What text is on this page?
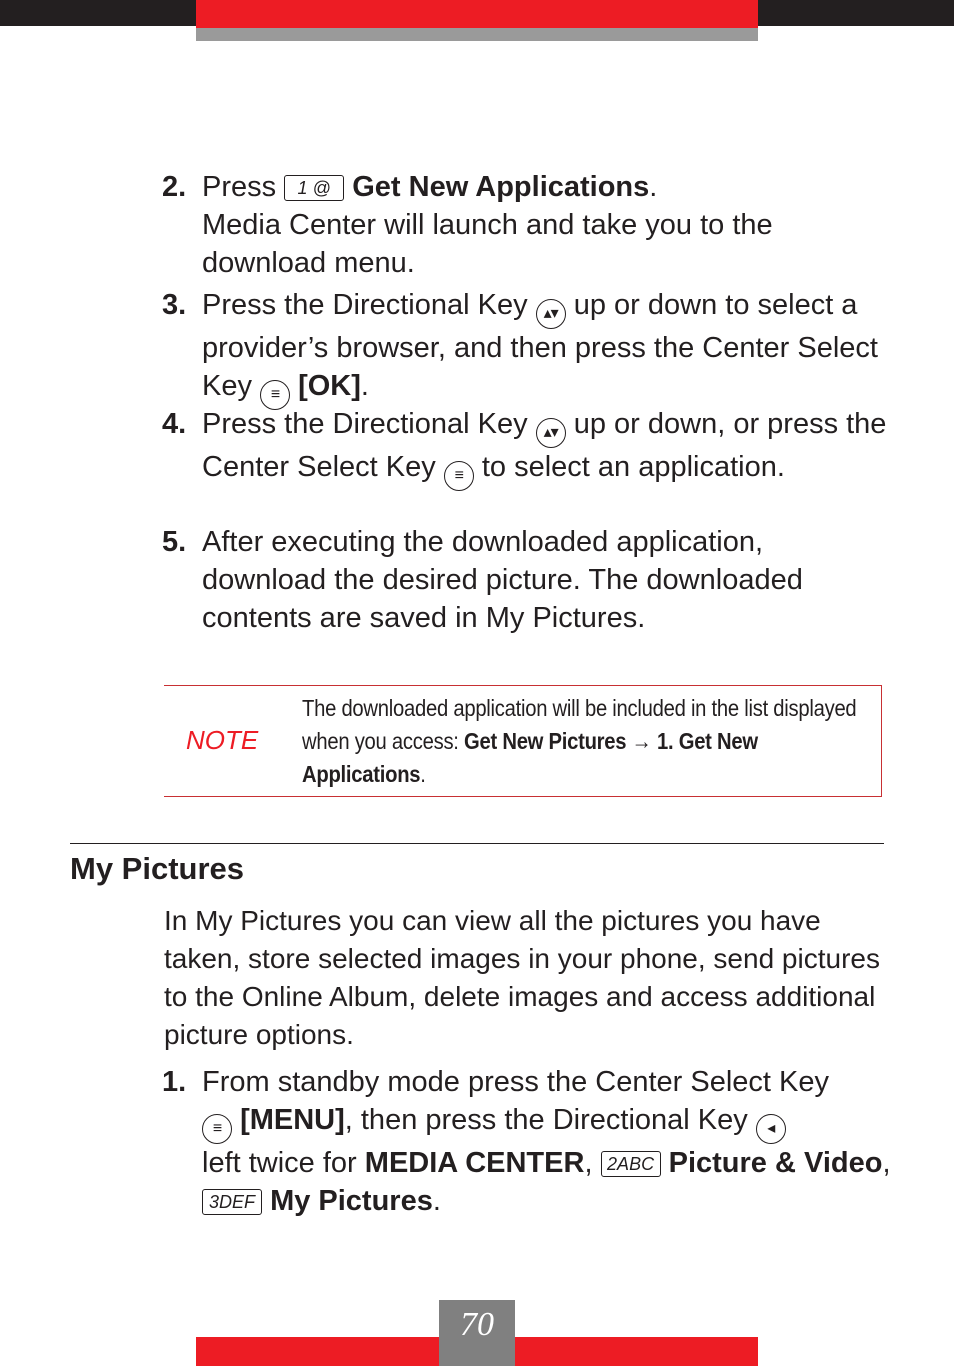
2. Press 1 @ Get New Applications.
Media Center will launch and take you to the download menu.
3. Press the Directional Key ▴▾ up or down to select a provider’s browser, and then press the Center Select Key ≡ [OK].
4. Press the Directional Key ▴▾ up or down, or press the Center Select Key ≡ to select an application.
5. After executing the downloaded application, download the desired picture. The downloaded contents are saved in My Pictures.
NOTE
The downloaded application will be included in the list displayed when you access: Get New Pictures → 1. Get New Applications.
My Pictures
In My Pictures you can view all the pictures you have taken, store selected images in your phone, send pictures to the Online Album, delete images and access additional picture options.
1. From standby mode press the Center Select Key

≡ [MENU], then press the Directional Key ◂

left twice for MEDIA CENTER, 2ABC Picture & Video, 3DEF My Pictures.
70
